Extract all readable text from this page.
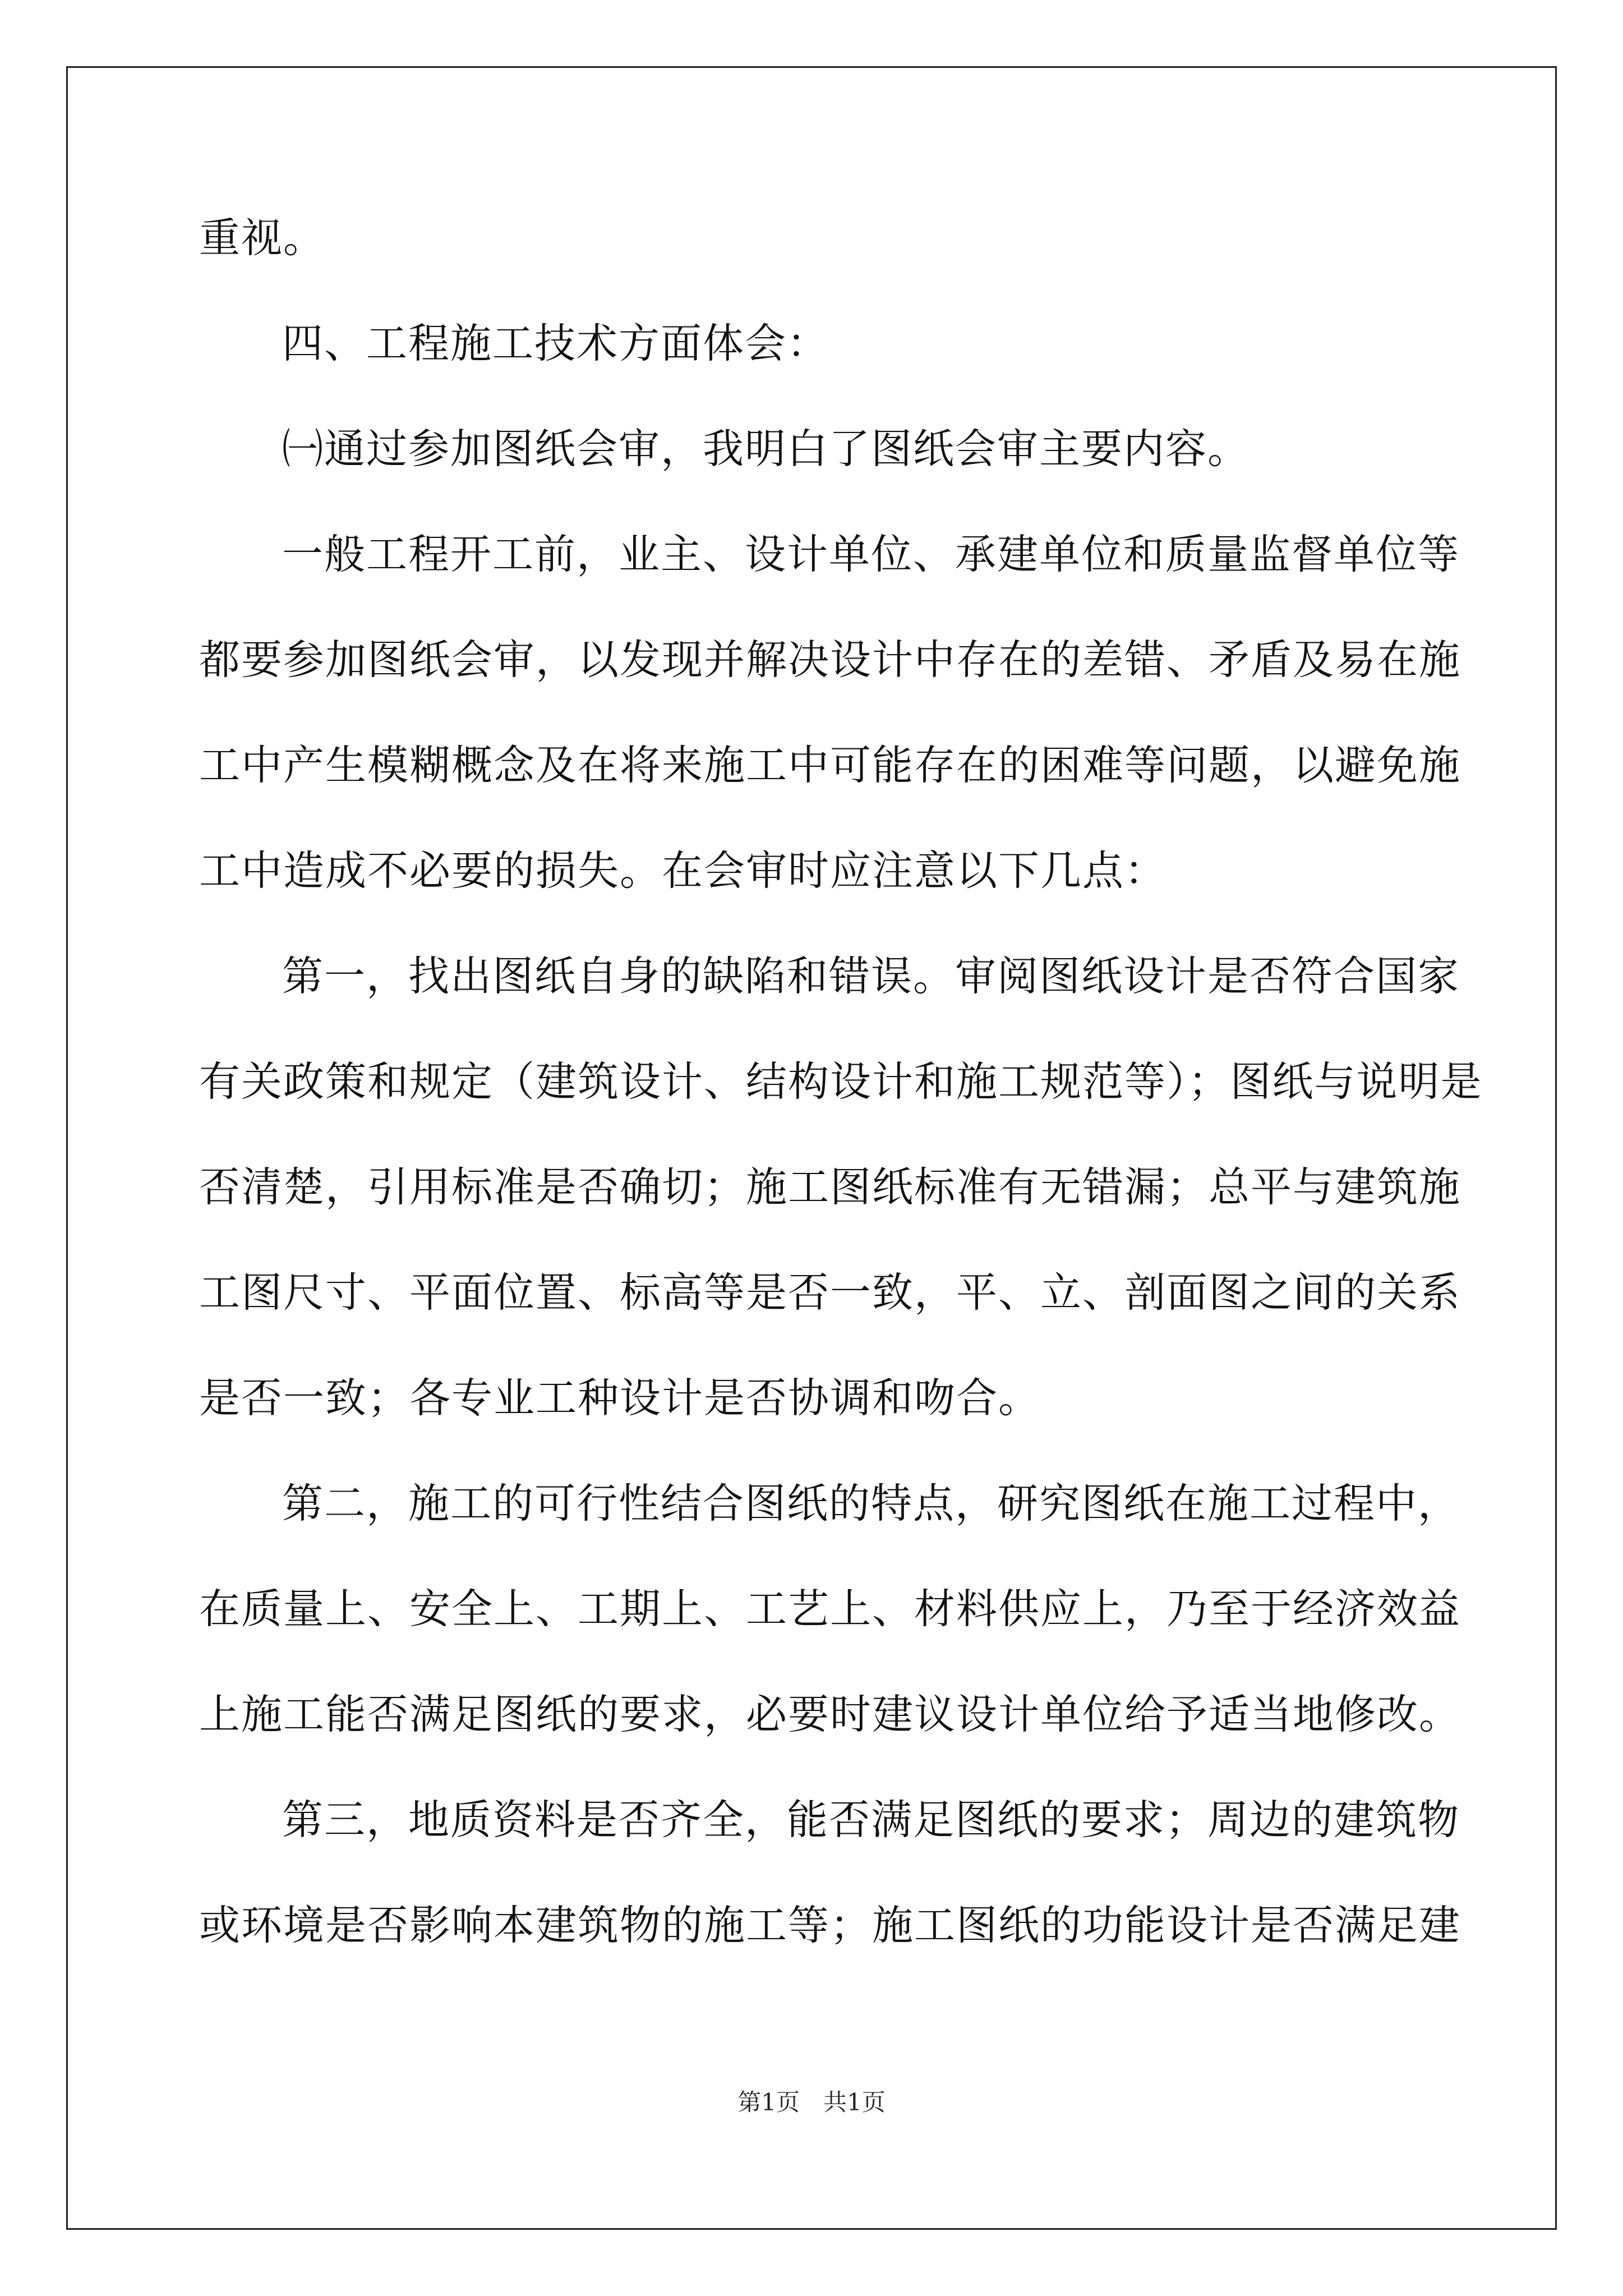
重视。
四、工程施工技术方面体会：
㈠通过参加图纸会审，我明白了图纸会审主要内容。
一般工程开工前，业主、设计单位、承建单位和质量监督单位等
都要参加图纸会审，以发现并解决设计中存在的差错、矛盾及易在施
工中产生模糊概念及在将来施工中可能存在的困难等问题，以避免施
工中造成不必要的损失。在会审时应注意以下几点：
第一，找出图纸自身的缺陷和错误。审阅图纸设计是否符合国家
有关政策和规定（建筑设计、结构设计和施工规范等）；图纸与说明是
否清楚，引用标准是否确切；施工图纸标准有无错漏；总平与建筑施
工图尺寸、平面位置、标高等是否一致，平、立、剖面图之间的关系
是否一致；各专业工种设计是否协调和吻合。
第二，施工的可行性结合图纸的特点，研究图纸在施工过程中，
在质量上、安全上、工期上、工艺上、材料供应上，乃至于经济效益
上施工能否满足图纸的要求，必要时建议设计单位给予适当地修改。
第三，地质资料是否齐全，能否满足图纸的要求；周边的建筑物
或环境是否影响本建筑物的施工等；施工图纸的功能设计是否满足建
第1页　共1页
